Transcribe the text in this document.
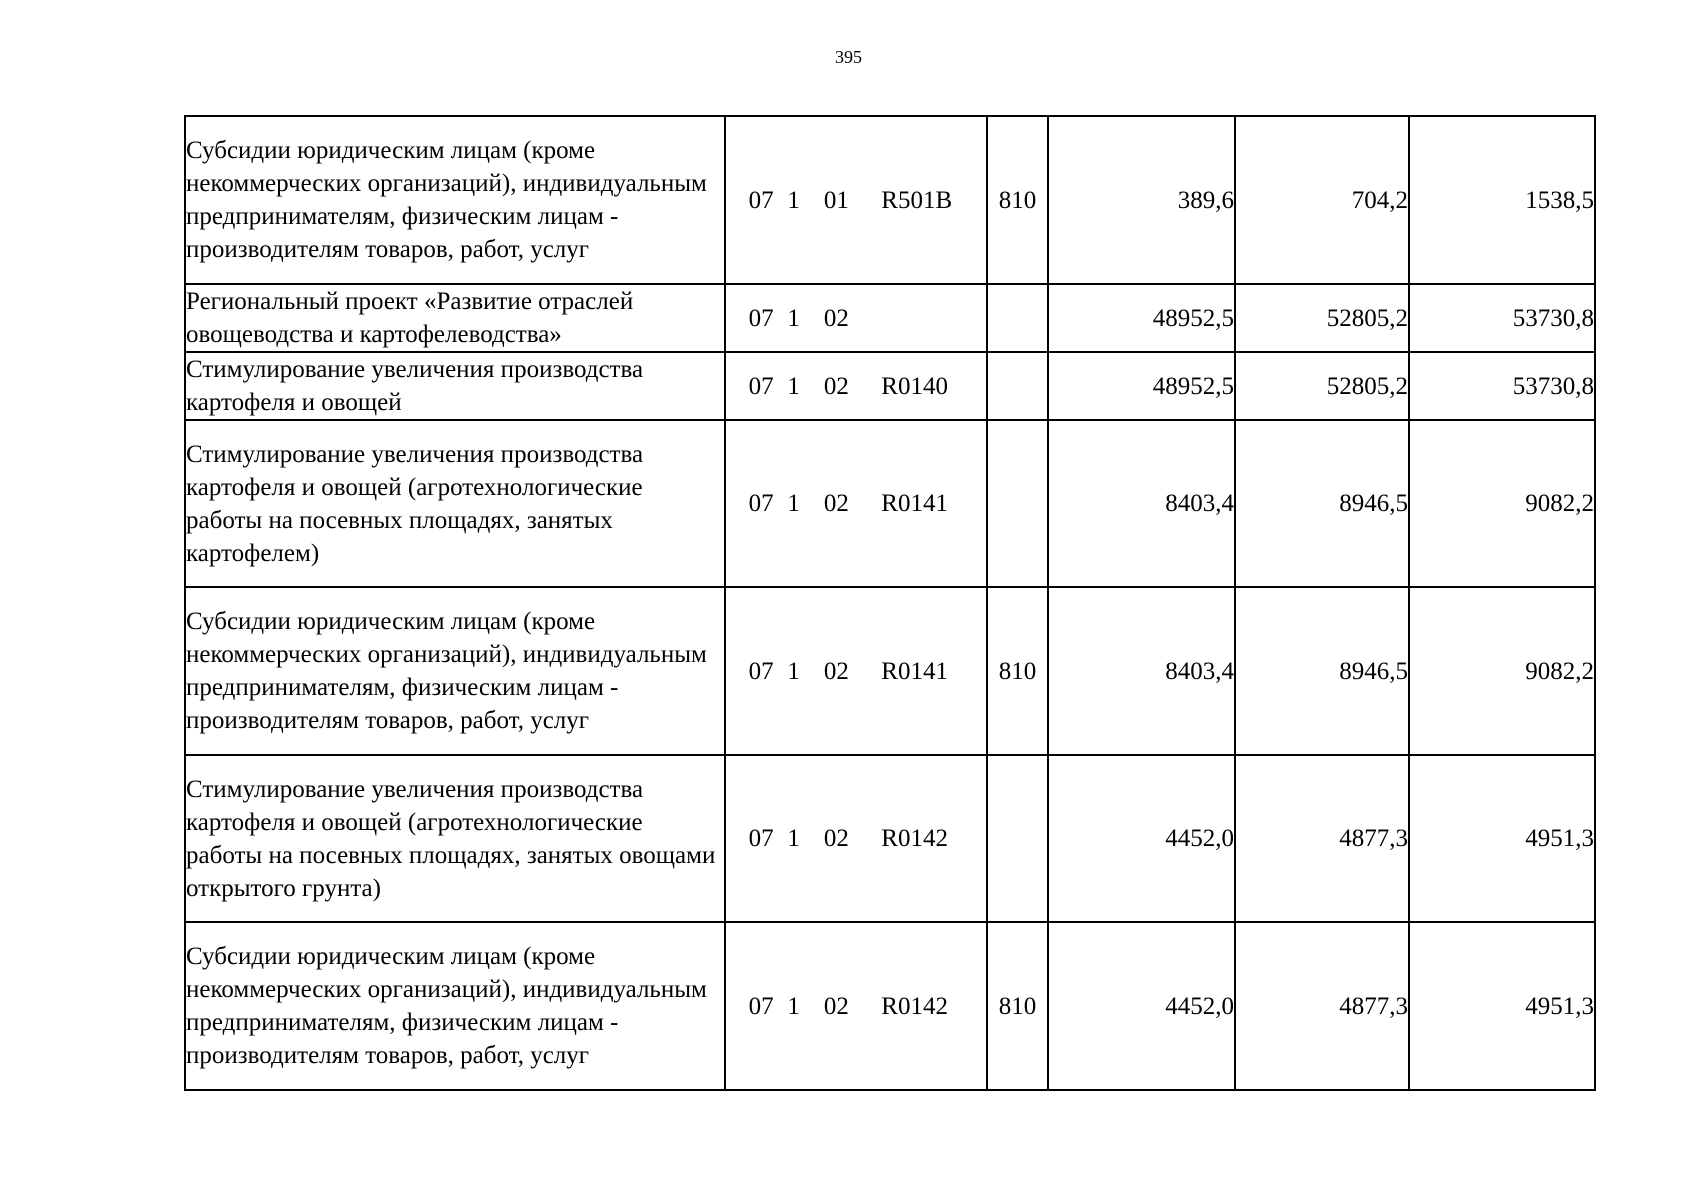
395
Субсидии юридическим лицам (кроме некоммерческих организаций), индивидуальным предпринимателям, физическим лицам - производителям товаров, работ, услуг	07 1 01 R501B	810	389,6	704,2	1538,5
Региональный проект «Развитие отраслей овощеводства и картофелеводства»	07 1 02		48952,5	52805,2	53730,8
Стимулирование увеличения производства картофеля и овощей	07 1 02 R0140		48952,5	52805,2	53730,8
Стимулирование увеличения производства картофеля и овощей (агротехнологические работы на посевных площадях, занятых картофелем)	07 1 02 R0141		8403,4	8946,5	9082,2
Субсидии юридическим лицам (кроме некоммерческих организаций), индивидуальным предпринимателям, физическим лицам - производителям товаров, работ, услуг	07 1 02 R0141	810	8403,4	8946,5	9082,2
Стимулирование увеличения производства картофеля и овощей (агротехнологические работы на посевных площадях, занятых овощами открытого грунта)	07 1 02 R0142		4452,0	4877,3	4951,3
Субсидии юридическим лицам (кроме некоммерческих организаций), индивидуальным предпринимателям, физическим лицам - производителям товаров, работ, услуг	07 1 02 R0142	810	4452,0	4877,3	4951,3
